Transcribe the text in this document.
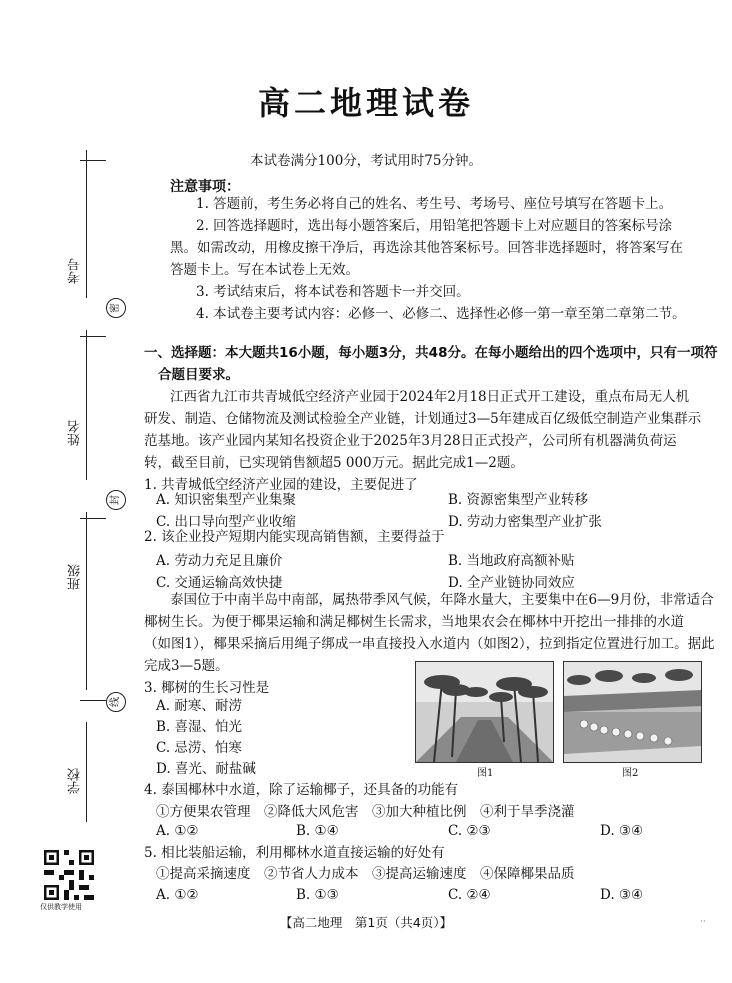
高二地理试卷
本试卷满分100分，考试用时75分钟。
注意事项：
1. 答题前，考生务必将自己的姓名、考生号、考场号、座位号填写在答题卡上。
2. 回答选择题时，选出每小题答案后，用铅笔把答题卡上对应题目的答案标号涂
黑。如需改动，用橡皮擦干净后，再选涂其他答案标号。回答非选择题时，将答案写在
答题卡上。写在本试卷上无效。
3. 考试结束后，将本试卷和答题卡一并交回。
4. 本试卷主要考试内容：必修一、必修二、选择性必修一第一章至第二章第二节。
一、选择题：本大题共16小题，每小题3分，共48分。在每小题给出的四个选项中，只有一项符
合题目要求。
江西省九江市共青城低空经济产业园于2024年2月18日正式开工建设，重点布局无人机
研发、制造、仓储物流及测试检验全产业链，计划通过3—5年建成百亿级低空制造产业集群示
范基地。该产业园内某知名投资企业于2025年3月28日正式投产，公司所有机器满负荷运
转，截至目前，已实现销售额超5 000万元。据此完成1—2题。
1. 共青城低空经济产业园的建设，主要促进了
A. 知识密集型产业集聚	B. 资源密集型产业转移
C. 出口导向型产业收缩	D. 劳动力密集型产业扩张
2. 该企业投产短期内能实现高销售额，主要得益于
A. 劳动力充足且廉价	B. 当地政府高额补贴
C. 交通运输高效快捷	D. 全产业链协同效应
泰国位于中南半岛中南部，属热带季风气候，年降水量大，主要集中在6—9月份，非常适合
椰树生长。为便于椰果运输和满足椰树生长需求，当地果农会在椰林中开挖出一排排的水道
（如图1），椰果采摘后用绳子绑成一串直接投入水道内（如图2），拉到指定位置进行加工。据此
完成3—5题。
3. 椰树的生长习性是
A. 耐寒、耐涝
B. 喜湿、怕光
C. 忌涝、怕寒
D. 喜光、耐盐碱	图1	图2
4. 泰国椰林中水道，除了运输椰子，还具备的功能有
①方便果农管理　②降低大风危害　③加大种植比例　④利于旱季浇灌
A. ①②	B. ①④	C. ②③	D. ③④
5. 相比装船运输，利用椰林水道直接运输的好处有
①提高采摘速度　②节省人力成本　③提高运输速度　④保障椰果品质
A. ①②	B. ①③	C. ②④	D. ③④
【高二地理　第1页（共4页）】	··
考号
姓名
班级
学校
密
封
线
仅供教学使用
